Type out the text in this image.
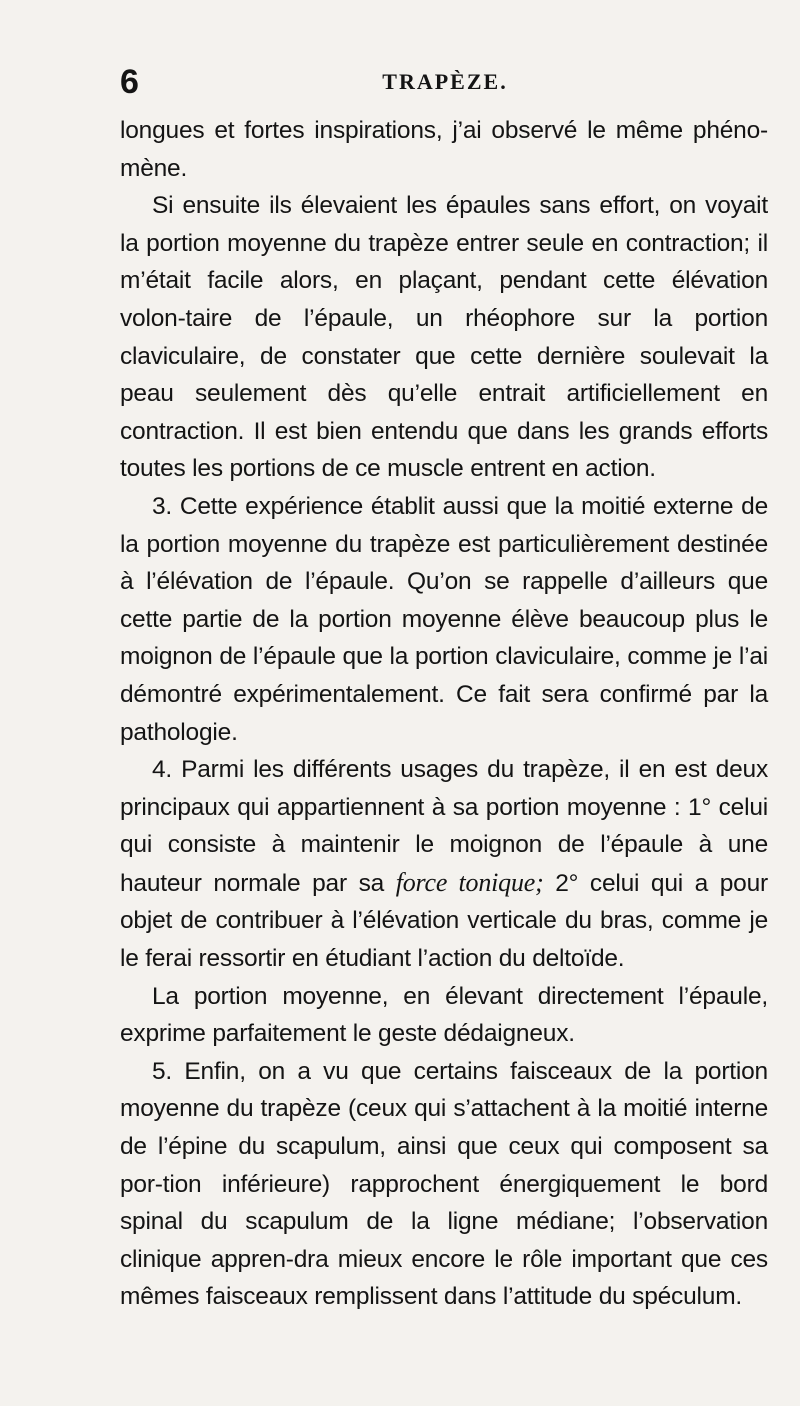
6	TRAPÈZE.

longues et fortes inspirations, j’ai observé le même phéno-mène.

Si ensuite ils élevaient les épaules sans effort, on voyait la portion moyenne du trapèze entrer seule en contraction; il m’était facile alors, en plaçant, pendant cette élévation volon-taire de l’épaule, un rhéophore sur la portion claviculaire, de constater que cette dernière soulevait la peau seulement dès qu’elle entrait artificiellement en contraction. Il est bien entendu que dans les grands efforts toutes les portions de ce muscle entrent en action.

3. Cette expérience établit aussi que la moitié externe de la portion moyenne du trapèze est particulièrement destinée à l’élévation de l’épaule. Qu’on se rappelle d’ailleurs que cette partie de la portion moyenne élève beaucoup plus le moignon de l’épaule que la portion claviculaire, comme je l’ai démontré expérimentalement. Ce fait sera confirmé par la pathologie.

4. Parmi les différents usages du trapèze, il en est deux principaux qui appartiennent à sa portion moyenne : 1° celui qui consiste à maintenir le moignon de l’épaule à une hauteur normale par sa force tonique; 2° celui qui a pour objet de contribuer à l’élévation verticale du bras, comme je le ferai ressortir en étudiant l’action du deltoïde.

La portion moyenne, en élevant directement l’épaule, exprime parfaitement le geste dédaigneux.

5. Enfin, on a vu que certains faisceaux de la portion moyenne du trapèze (ceux qui s’attachent à la moitié interne de l’épine du scapulum, ainsi que ceux qui composent sa por-tion inférieure) rapprochent énergiquement le bord spinal du scapulum de la ligne médiane; l’observation clinique appren-dra mieux encore le rôle important que ces mêmes faisceaux remplissent dans l’attitude du spéculum.
